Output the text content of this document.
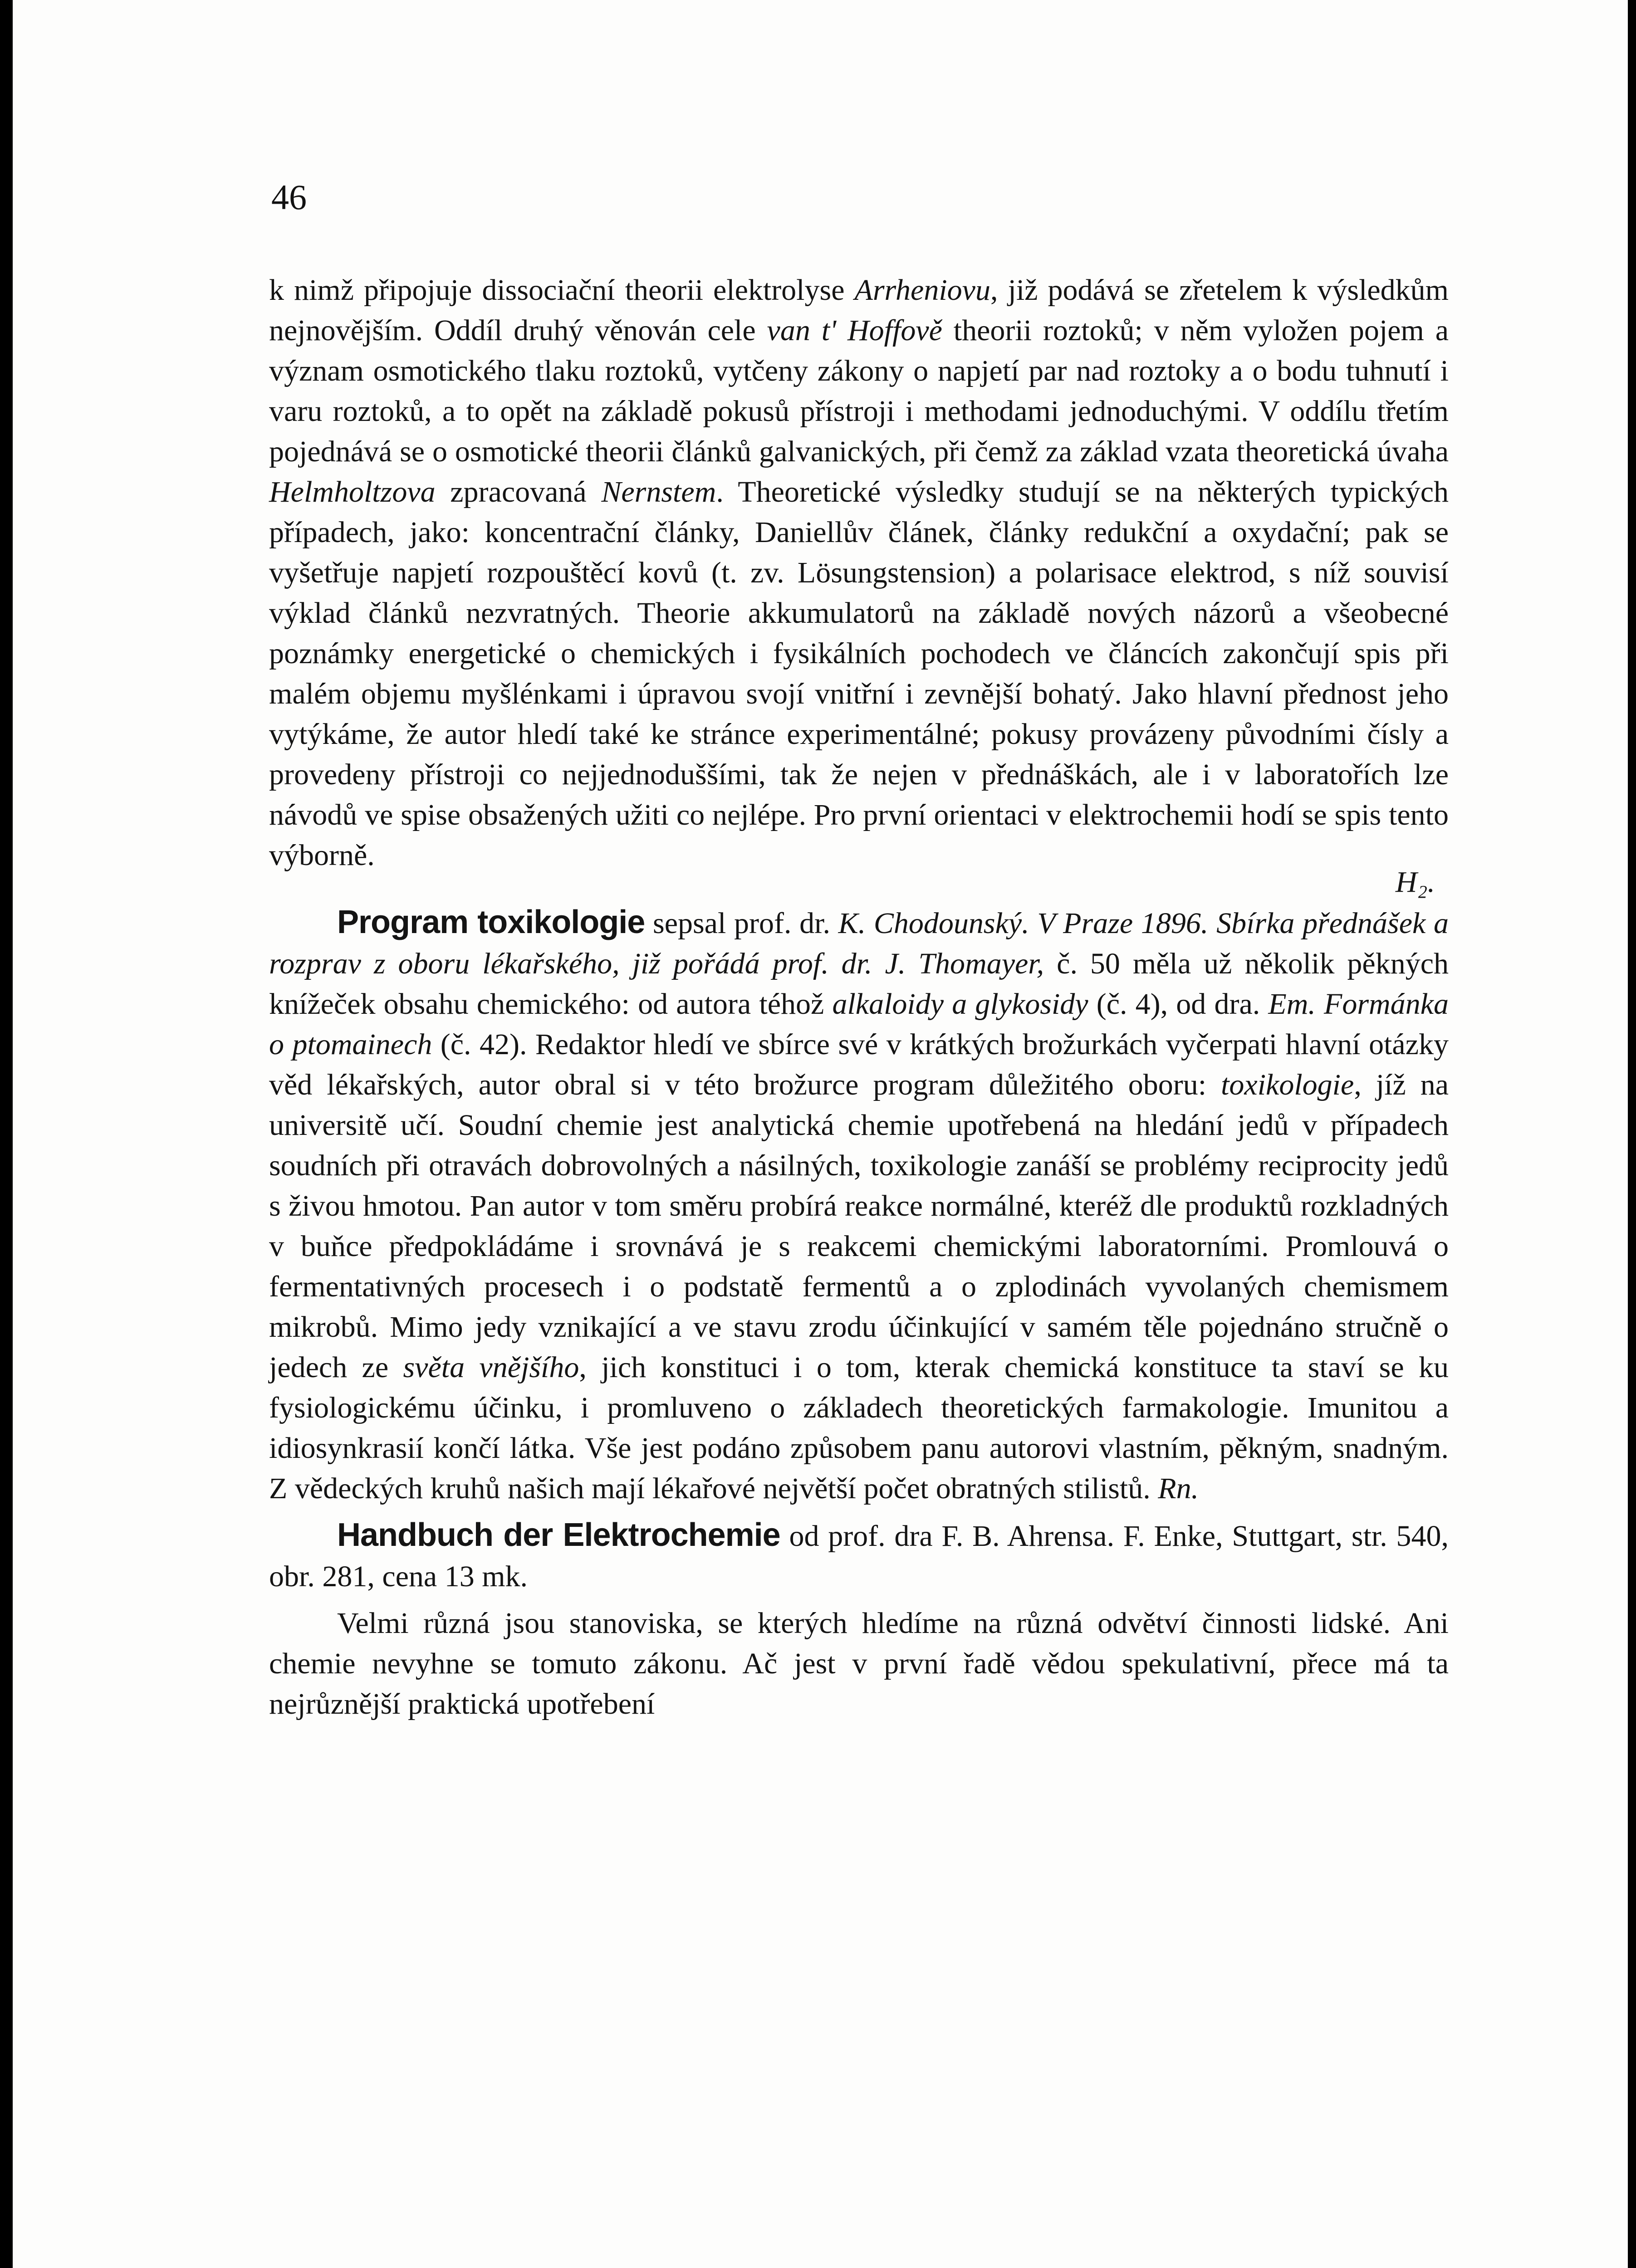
46

k nimž připojuje dissociační theorii elektrolyse Arrheniovu, již podává se zřetelem k výsledkům nejnovějším. Oddíl druhý věnován cele van t' Hoffově theorii roztoků; v něm vyložen pojem a význam osmotického tlaku roztoků, vytčeny zákony o napjetí par nad roztoky a o bodu tuhnutí i varu roztoků, a to opět na základě pokusů přístroji i methodami jednoduchými. V oddílu třetím pojednává se o osmotické theorii článků galvanických, při čemž za základ vzata theoretická úvaha Helmholtzova zpracovaná Nernstem. Theoretické výsledky studují se na některých typických případech, jako: koncentrační články, Daniellův článek, články redukční a oxydační; pak se vyšetřuje napjetí rozpouštěcí kovů (t. zv. Lösungstension) a polarisace elektrod, s níž souvisí výklad článků nezvratných. Theorie akkumulatorů na základě nových názorů a všeobecné poznámky energetické o chemických i fysikálních pochodech ve článcích zakončují spis při malém objemu myšlénkami i úpravou svojí vnitřní i zevnější bohatý. Jako hlavní přednost jeho vytýkáme, že autor hledí také ke stránce experimentálné; pokusy provázeny původními čísly a provedeny přístroji co nejjednoduššími, tak že nejen v přednáškách, ale i v laboratořích lze návodů ve spise obsažených užiti co nejlépe. Pro první orientaci v elektrochemii hodí se spis tento výborně.

H₂.

Program toxikologie sepsal prof. dr. K. Chodounský. V Praze 1896. Sbírka přednášek a rozprav z oboru lékařského, již pořádá prof. dr. J. Thomayer, č. 50 měla už několik pěkných knížeček obsahu chemického: od autora téhož alkaloidy a glykosidy (č. 4), od dra. Em. Formánka o ptomainech (č. 42). Redaktor hledí ve sbírce své v krátkých brožurkách vyčerpati hlavní otázky věd lékařských, autor obral si v této brožurce program důležitého oboru: toxikologie, jíž na universitě učí. Soudní chemie jest analytická chemie upotřebená na hledání jedů v případech soudních při otravách dobrovolných a násilných, toxikologie zanáší se problémy reciprocity jedů s živou hmotou. Pan autor v tom směru probírá reakce normálné, kteréž dle produktů rozkladných v buňce předpokládáme i srovnává je s reakcemi chemickými laboratorními. Promlouvá o fermentativných procesech i o podstatě fermentů a o zplodinách vyvolaných chemismem mikrobů. Mimo jedy vznikající a ve stavu zrodu účinkující v samém těle pojednáno stručně o jedech ze světa vnějšího, jich konstituci i o tom, kterak chemická konstituce ta staví se ku fysiologickému účinku, i promluveno o základech theoretických farmakologie. Imunitou a idiosynkrasií končí látka. Vše jest podáno způsobem panu autorovi vlastním, pěkným, snadným. Z vědeckých kruhů našich mají lékařové největší počet obratných stilistů. Rn.

Handbuch der Elektrochemie od prof. dra F. B. Ahrensa. F. Enke, Stuttgart, str. 540, obr. 281, cena 13 mk.

Velmi různá jsou stanoviska, se kterých hledíme na různá odvětví činnosti lidské. Ani chemie nevyhne se tomuto zákonu. Ač jest v první řadě vědou spekulativní, přece má ta nejrůznější praktická upotřebení
